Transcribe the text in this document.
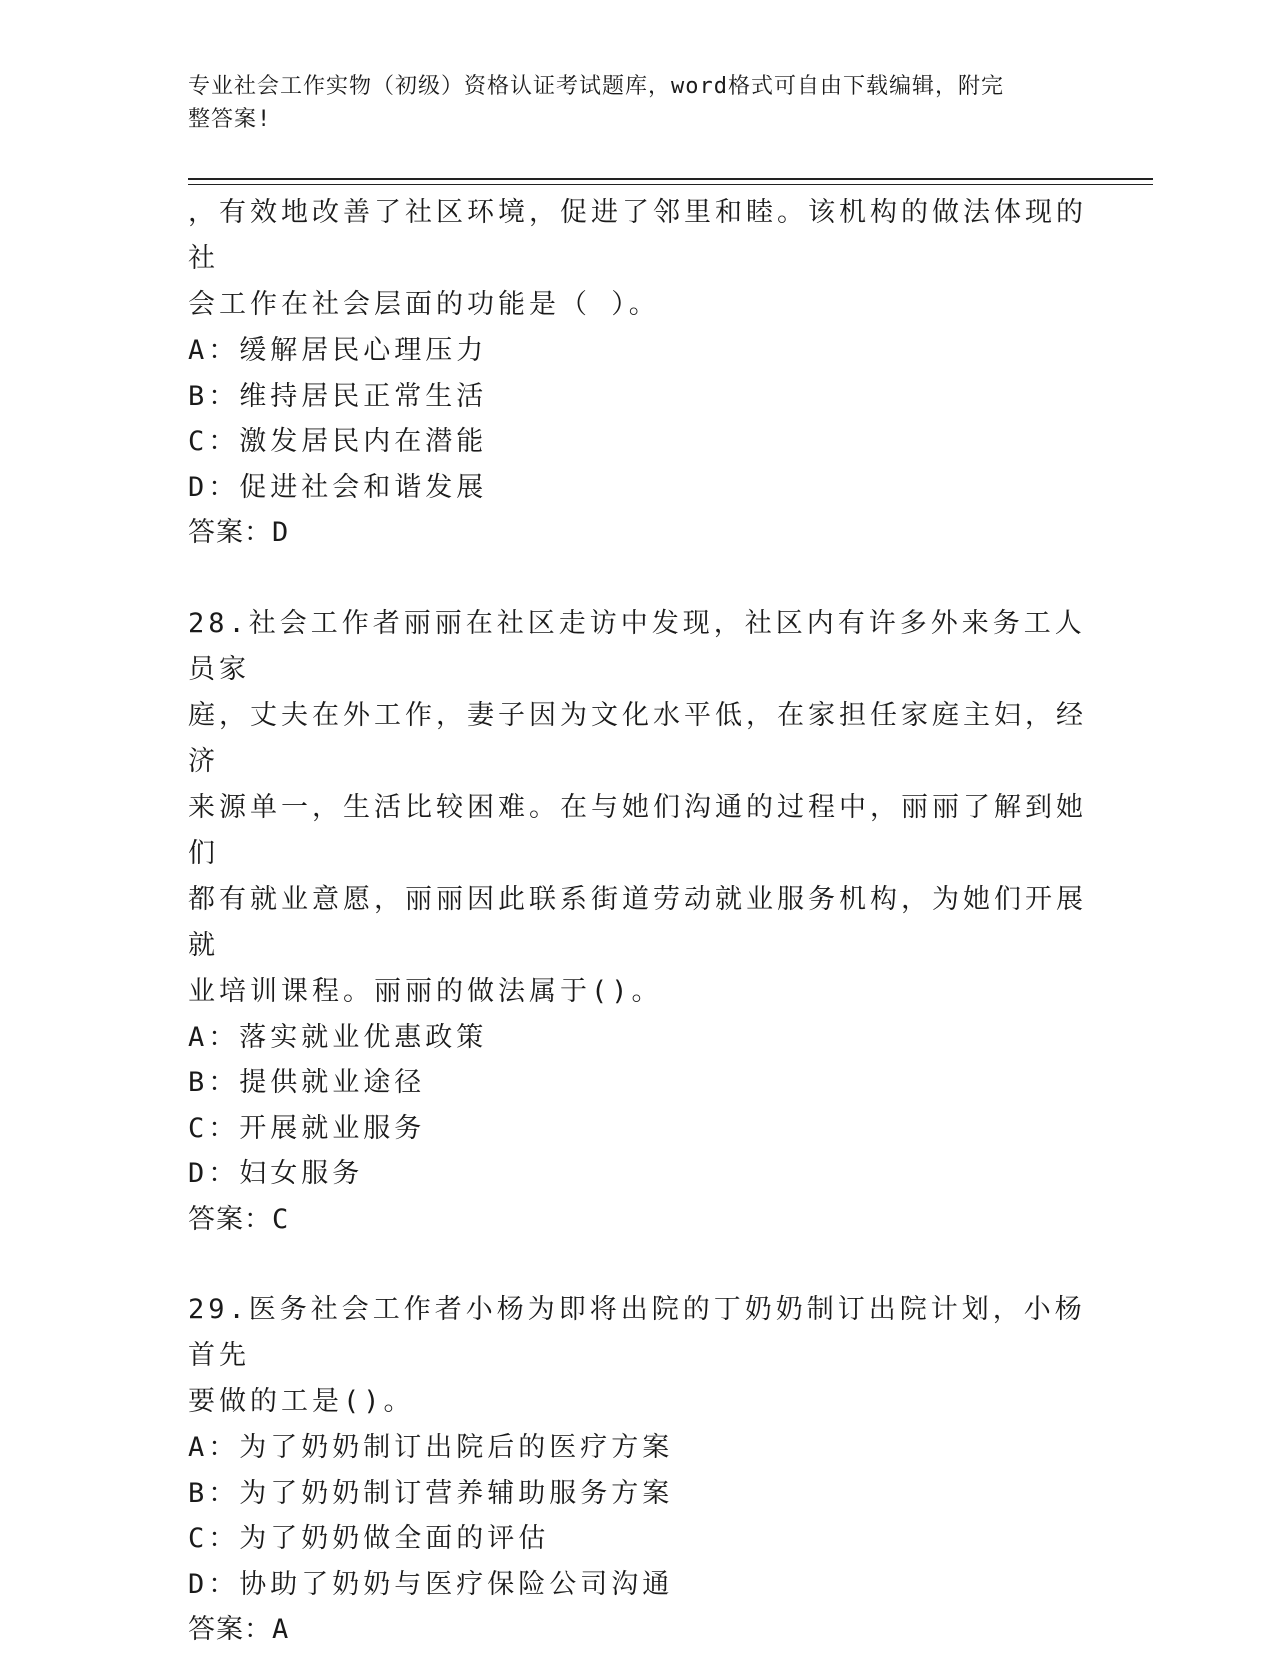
专业社会工作实物（初级）资格认证考试题库，word格式可自由下载编辑，附完
整答案!

，有效地改善了社区环境，促进了邻里和睦。该机构的做法体现的社

会工作在社会层面的功能是（ ）。

A：缓解居民心理压力

B：维持居民正常生活

C：激发居民内在潜能

D：促进社会和谐发展

答案：D

28.社会工作者丽丽在社区走访中发现，社区内有许多外来务工人员家

庭，丈夫在外工作，妻子因为文化水平低，在家担任家庭主妇，经济

来源单一，生活比较困难。在与她们沟通的过程中，丽丽了解到她们

都有就业意愿，丽丽因此联系街道劳动就业服务机构，为她们开展就

业培训课程。丽丽的做法属于()。

A：落实就业优惠政策

B：提供就业途径

C：开展就业服务

D：妇女服务

答案：C

29.医务社会工作者小杨为即将出院的丁奶奶制订出院计划，小杨首先

要做的工是()。

A：为了奶奶制订出院后的医疗方案

B：为了奶奶制订营养辅助服务方案

C：为了奶奶做全面的评估

D：协助了奶奶与医疗保险公司沟通

答案：A
